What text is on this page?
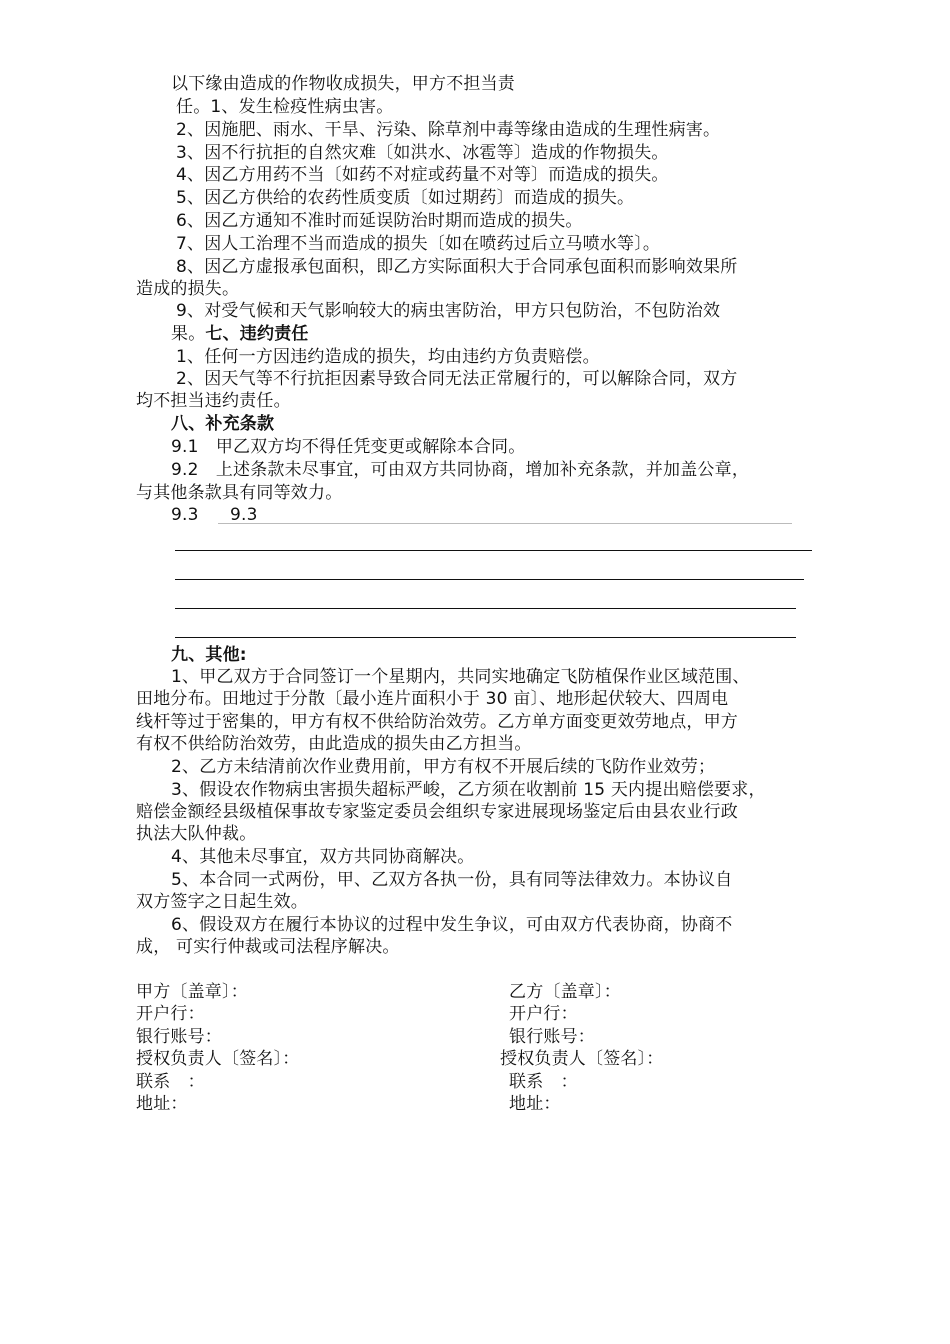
以下缘由造成的作物收成损失，甲方不担当责
任。1、发生检疫性病虫害。
2、因施肥、雨水、干旱、污染、除草剂中毒等缘由造成的生理性病害。
3、因不行抗拒的自然灾难〔如洪水、冰雹等〕造成的作物损失。
4、因乙方用药不当〔如药不对症或药量不对等〕而造成的损失。
5、因乙方供给的农药性质变质〔如过期药〕而造成的损失。
6、因乙方通知不准时而延误防治时期而造成的损失。
7、因人工治理不当而造成的损失〔如在喷药过后立马喷水等〕。
8、因乙方虚报承包面积，即乙方实际面积大于合同承包面积而影响效果所
造成的损失。
9、对受气候和天气影响较大的病虫害防治，甲方只包防治，不包防治效
果。七、违约责任
1、任何一方因违约造成的损失，均由违约方负责赔偿。
2、因天气等不行抗拒因素导致合同无法正常履行的，可以解除合同，双方
均不担当违约责任。
八、补充条款
9.1　甲乙双方均不得任凭变更或解除本合同。
9.2　上述条款未尽事宜，可由双方共同协商，增加补充条款，并加盖公章，
与其他条款具有同等效力。
9.3 9.3
九、其他:
1、甲乙双方于合同签订一个星期内，共同实地确定飞防植保作业区域范围、
田地分布。田地过于分散〔最小连片面积小于 30 亩〕、地形起伏较大、四周电
线杆等过于密集的，甲方有权不供给防治效劳。乙方单方面变更效劳地点，甲方
有权不供给防治效劳，由此造成的损失由乙方担当。
2、乙方未结清前次作业费用前，甲方有权不开展后续的飞防作业效劳；
3、假设农作物病虫害损失超标严峻，乙方须在收割前 15 天内提出赔偿要求，
赔偿金额经县级植保事故专家鉴定委员会组织专家进展现场鉴定后由县农业行政
执法大队仲裁。
4、其他未尽事宜，双方共同协商解决。
5、本合同一式两份，甲、乙双方各执一份，具有同等法律效力。本协议自
双方签字之日起生效。
6、假设双方在履行本协议的过程中发生争议，可由双方代表协商，协商不
成， 可实行仲裁或司法程序解决。
甲方〔盖章〕：
开户行：
银行账号：
授权负责人〔签名〕：
联系　：
地址：
乙方〔盖章〕：
开户行：
银行账号：
授权负责人〔签名〕：
联系　：
地址：
